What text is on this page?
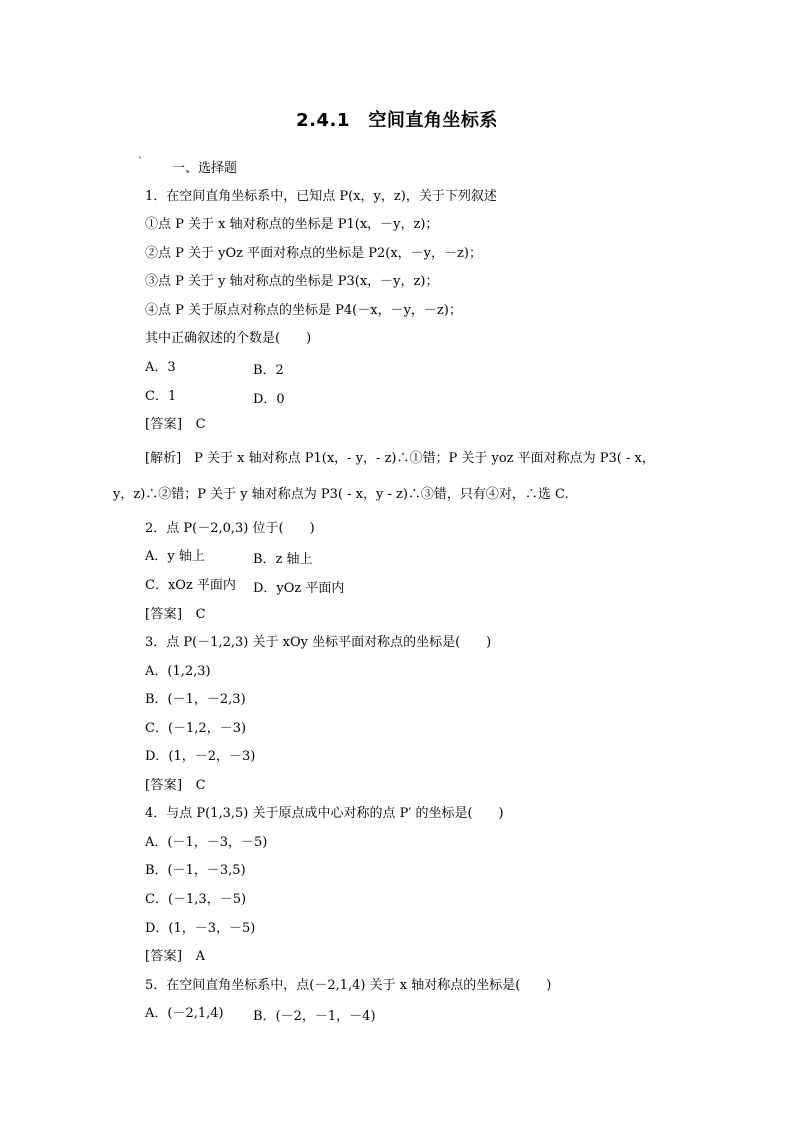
2.4.1　空间直角坐标系
` 一、选择题
1．在空间直角坐标系中，已知点 P(x，y，z)，关于下列叙述
①点 P 关于 x 轴对称点的坐标是 P1(x，－y，z)；
②点 P 关于 yOz 平面对称点的坐标是 P2(x，－y，－z)；
③点 P 关于 y 轴对称点的坐标是 P3(x，－y，z)；
④点 P 关于原点对称点的坐标是 P4(－x，－y，－z)；
其中正确叙述的个数是(　　)
A．3	B．2
C．1	D．0
[答案]　C
[解析]　P 关于 x 轴对称点 P1(x，- y，- z)∴①错；P 关于 yoz 平面对称点为 P3( - x，
y，z)∴②错；P 关于 y 轴对称点为 P3( - x，y - z)∴③错，只有④对，∴选 C.
2．点 P(－2,0,3) 位于(　　)
A．y 轴上	B．z 轴上
C．xOz 平面内 D．yOz 平面内
[答案]　C
3．点 P(－1,2,3) 关于 xOy 坐标平面对称点的坐标是(　　)
A．(1,2,3)
B．(－1，－2,3)
C．(－1,2，－3)
D．(1，－2，－3)
[答案]　C
4．与点 P(1,3,5) 关于原点成中心对称的点 P′ 的坐标是(　　)
A．(－1，－3，－5)
B．(－1，－3,5)
C．(－1,3，－5)
D．(1，－3，－5)
[答案]　A
5．在空间直角坐标系中，点(－2,1,4) 关于 x 轴对称点的坐标是(　　)
A．(－2,1,4) B．(－2，－1，－4)
